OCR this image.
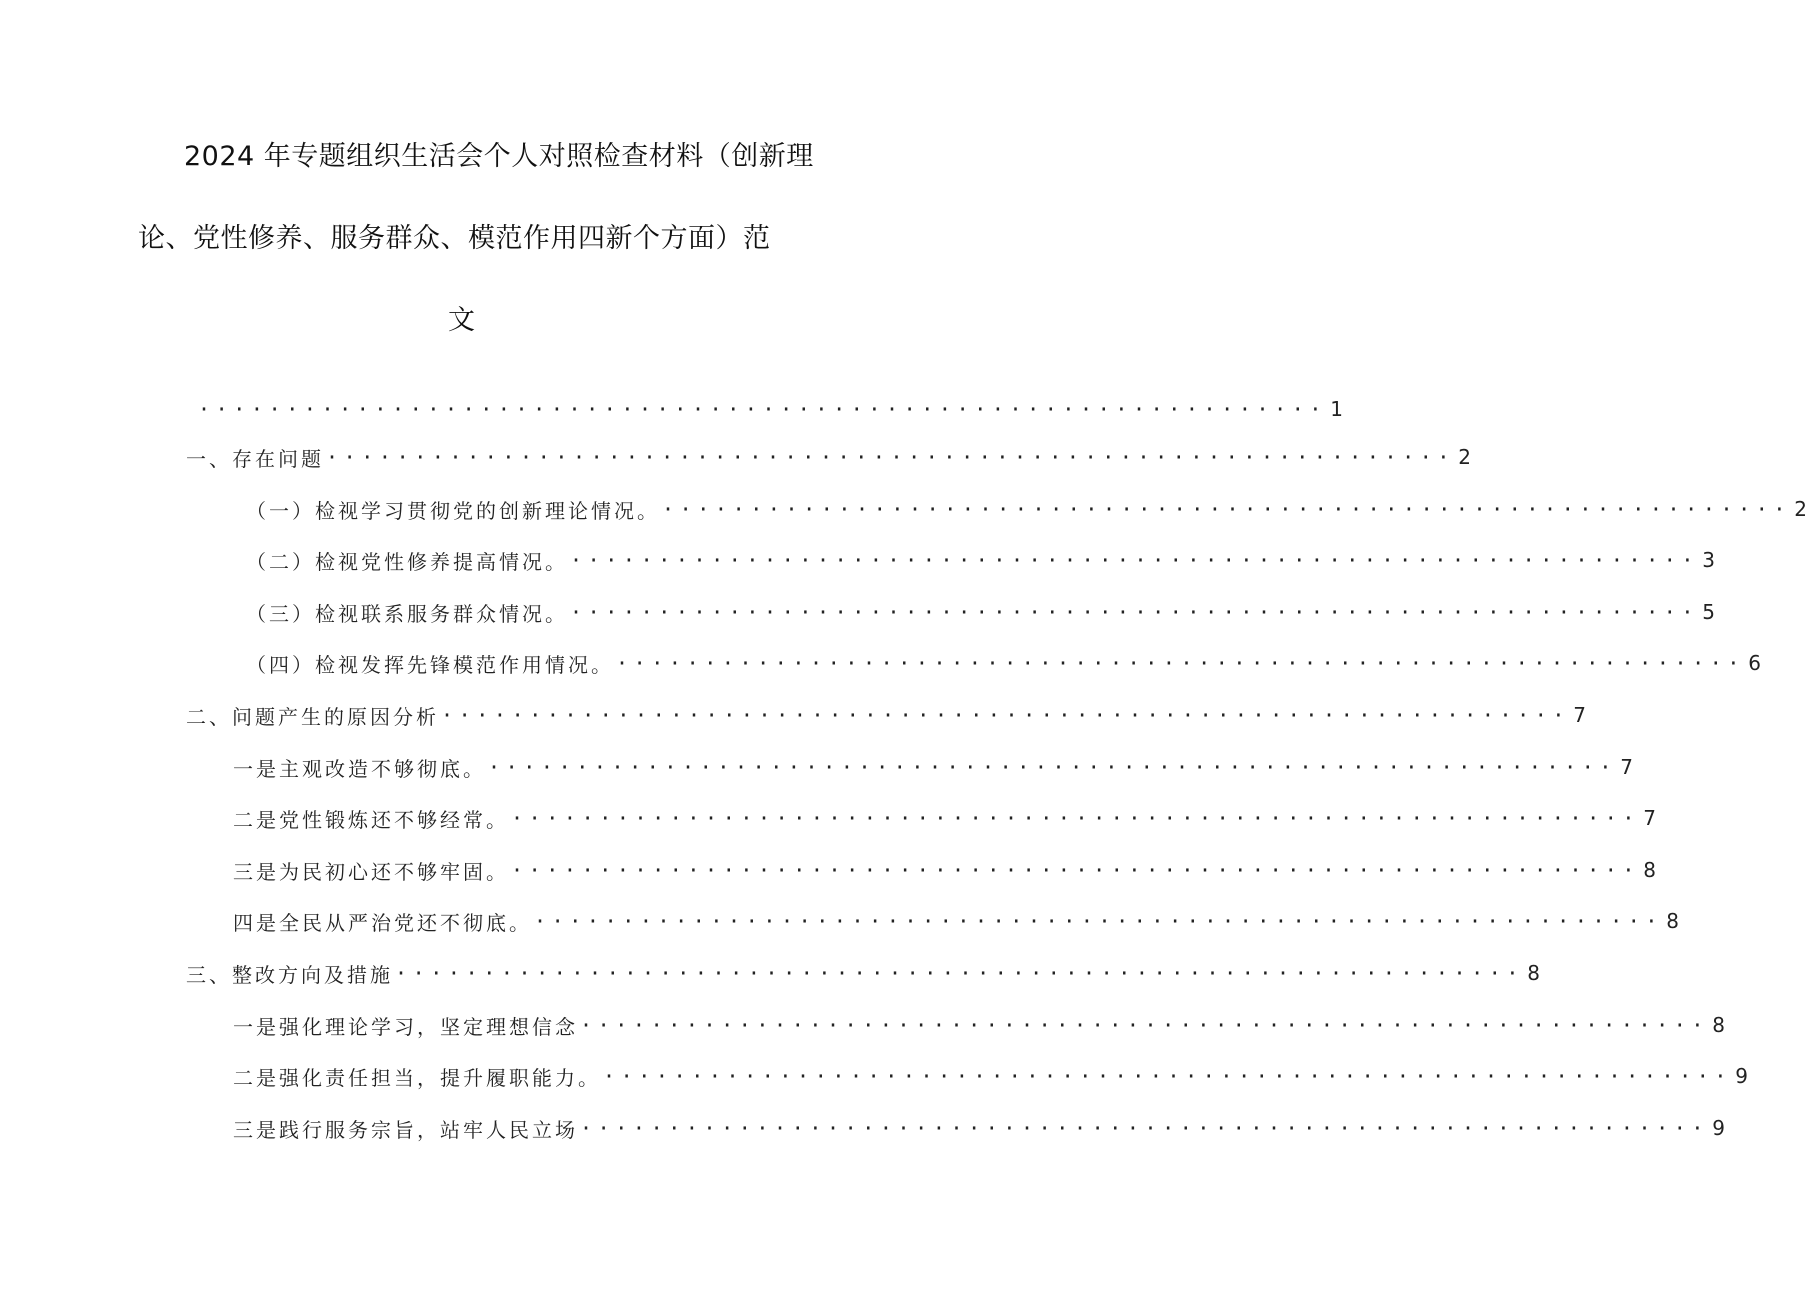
2024 年专题组织生活会个人对照检查材料（创新理
论、党性修养、服务群众、模范作用四新个方面）范
文
································································ 1
一、存在问题 ································································ 2
（一）检视学习贯彻党的创新理论情况。 ································································ 2
（二）检视党性修养提高情况。 ································································ 3
（三）检视联系服务群众情况。 ································································ 5
（四）检视发挥先锋模范作用情况。 ································································ 6
二、问题产生的原因分析 ································································ 7
一是主观改造不够彻底。 ································································ 7
二是党性锻炼还不够经常。 ································································ 7
三是为民初心还不够牢固。 ································································ 8
四是全民从严治党还不彻底。 ································································ 8
三、整改方向及措施 ································································ 8
一是强化理论学习，坚定理想信念 ································································ 8
二是强化责任担当，提升履职能力。 ································································ 9
三是践行服务宗旨，站牢人民立场 ································································ 9
